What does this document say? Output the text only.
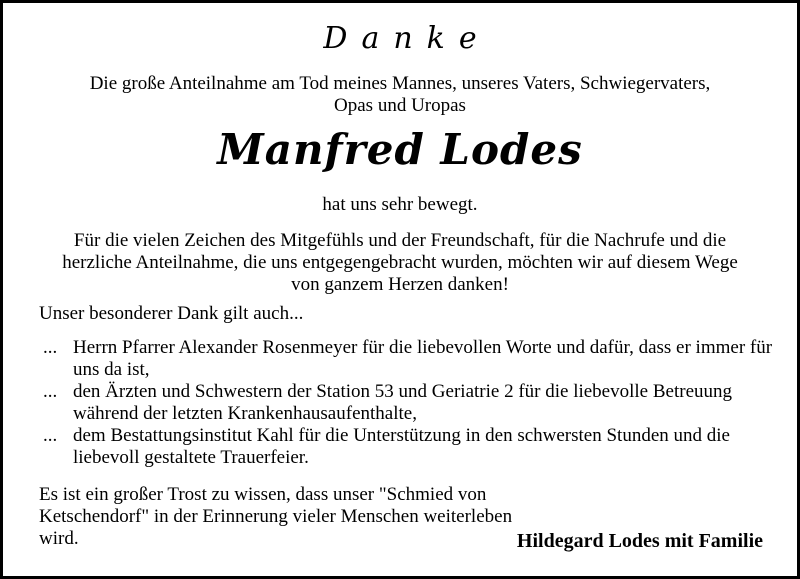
Danke
Die große Anteilnahme am Tod meines Mannes, unseres Vaters, Schwiegervaters,
Opas und Uropas
Manfred Lodes
hat uns sehr bewegt.
Für die vielen Zeichen des Mitgefühls und der Freundschaft, für die Nachrufe und die
herzliche Anteilnahme, die uns entgegengebracht wurden, möchten wir auf diesem Wege
von ganzem Herzen danken!
Unser besonderer Dank gilt auch...
... Herrn Pfarrer Alexander Rosenmeyer für die liebevollen Worte und dafür, dass er immer für uns da ist,
... den Ärzten und Schwestern der Station 53 und Geriatrie 2 für die liebevolle Betreuung während der letzten Krankenhausaufenthalte,
... dem Bestattungsinstitut Kahl für die Unterstützung in den schwersten Stunden und die liebevoll gestaltete Trauerfeier.
Es ist ein großer Trost zu wissen, dass unser "Schmied von Ketschendorf" in der Erinnerung vieler Menschen weiterleben wird.	Hildegard Lodes mit Familie
